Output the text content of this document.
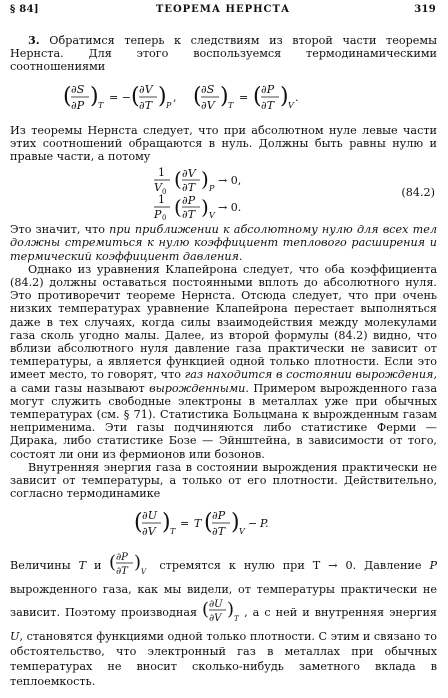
§ 84]	ТЕОРЕМА НЕРНСТА	319

3. Обратимся теперь к следствиям из второй части теоремы Нернста. Для этого воспользуемся термодинамическими соотношениями

( ∂S
∂P ) T
= − ( ∂V
∂T ) P
, ( ∂S
∂V ) T
= ( ∂P
∂T ) V
.

Из теоремы Нернста следует, что при абсолютном нуле левые части этих соотношений обращаются в нуль. Должны быть равны нулю и правые части, а потому

1
V 0
( ∂V
∂T ) P
→ 0,
1
P 0 ( ∂P
∂T ) V
→ 0.
(84.2)

Это значит, что при приближении к абсолютному нулю для всех тел должны стремиться к нулю коэффициент теплового расширения и термический коэффициент давления.

Однако из уравнения Клапейрона следует, что оба коэффициента (84.2) должны оставаться постоянными вплоть до абсолютного нуля. Это противоречит теореме Нернста. Отсюда следует, что при очень низких температурах уравнение Клапейрона перестает выполняться даже в тех случаях, когда силы взаимодействия между молекулами газа сколь угодно малы. Далее, из второй формулы (84.2) видно, что вблизи абсолютного нуля давление газа практически не зависит от температуры, а является функцией одной только плотности. Если это имеет место, то говорят, что газ находится в состоянии вырождения, а сами газы называют вырожденными. Примером вырожденного газа могут служить свободные электроны в металлах уже при обычных температурах (см. § 71). Статистика Больцмана к вырожденным газам неприменима. Эти газы подчиняются либо статистике Ферми — Дирака, либо статистике Бозе — Эйнштейна, в зависимости от того, состоят ли они из фермионов или бозонов.

Внутренняя энергия газа в состоянии вырождения практически не зависит от температуры, а только от его плотности. Действительно, согласно термодинамике

( ∂U
∂V ) T
= T ( ∂P
∂T ) V
− P.

Величины T и ( ∂P
∂T ) V стремятся к нулю при T → 0. Давление P вырожденного газа, как мы видели, от температуры практически не зависит. Поэтому производная ( ∂U
∂V ) T , а с ней и внутренняя энергия U, становятся функциями одной только плотности. С этим и связано то обстоятельство, что электронный газ в металлах при обычных температурах не вносит сколько-нибудь заметного вклада в теплоемкость.
